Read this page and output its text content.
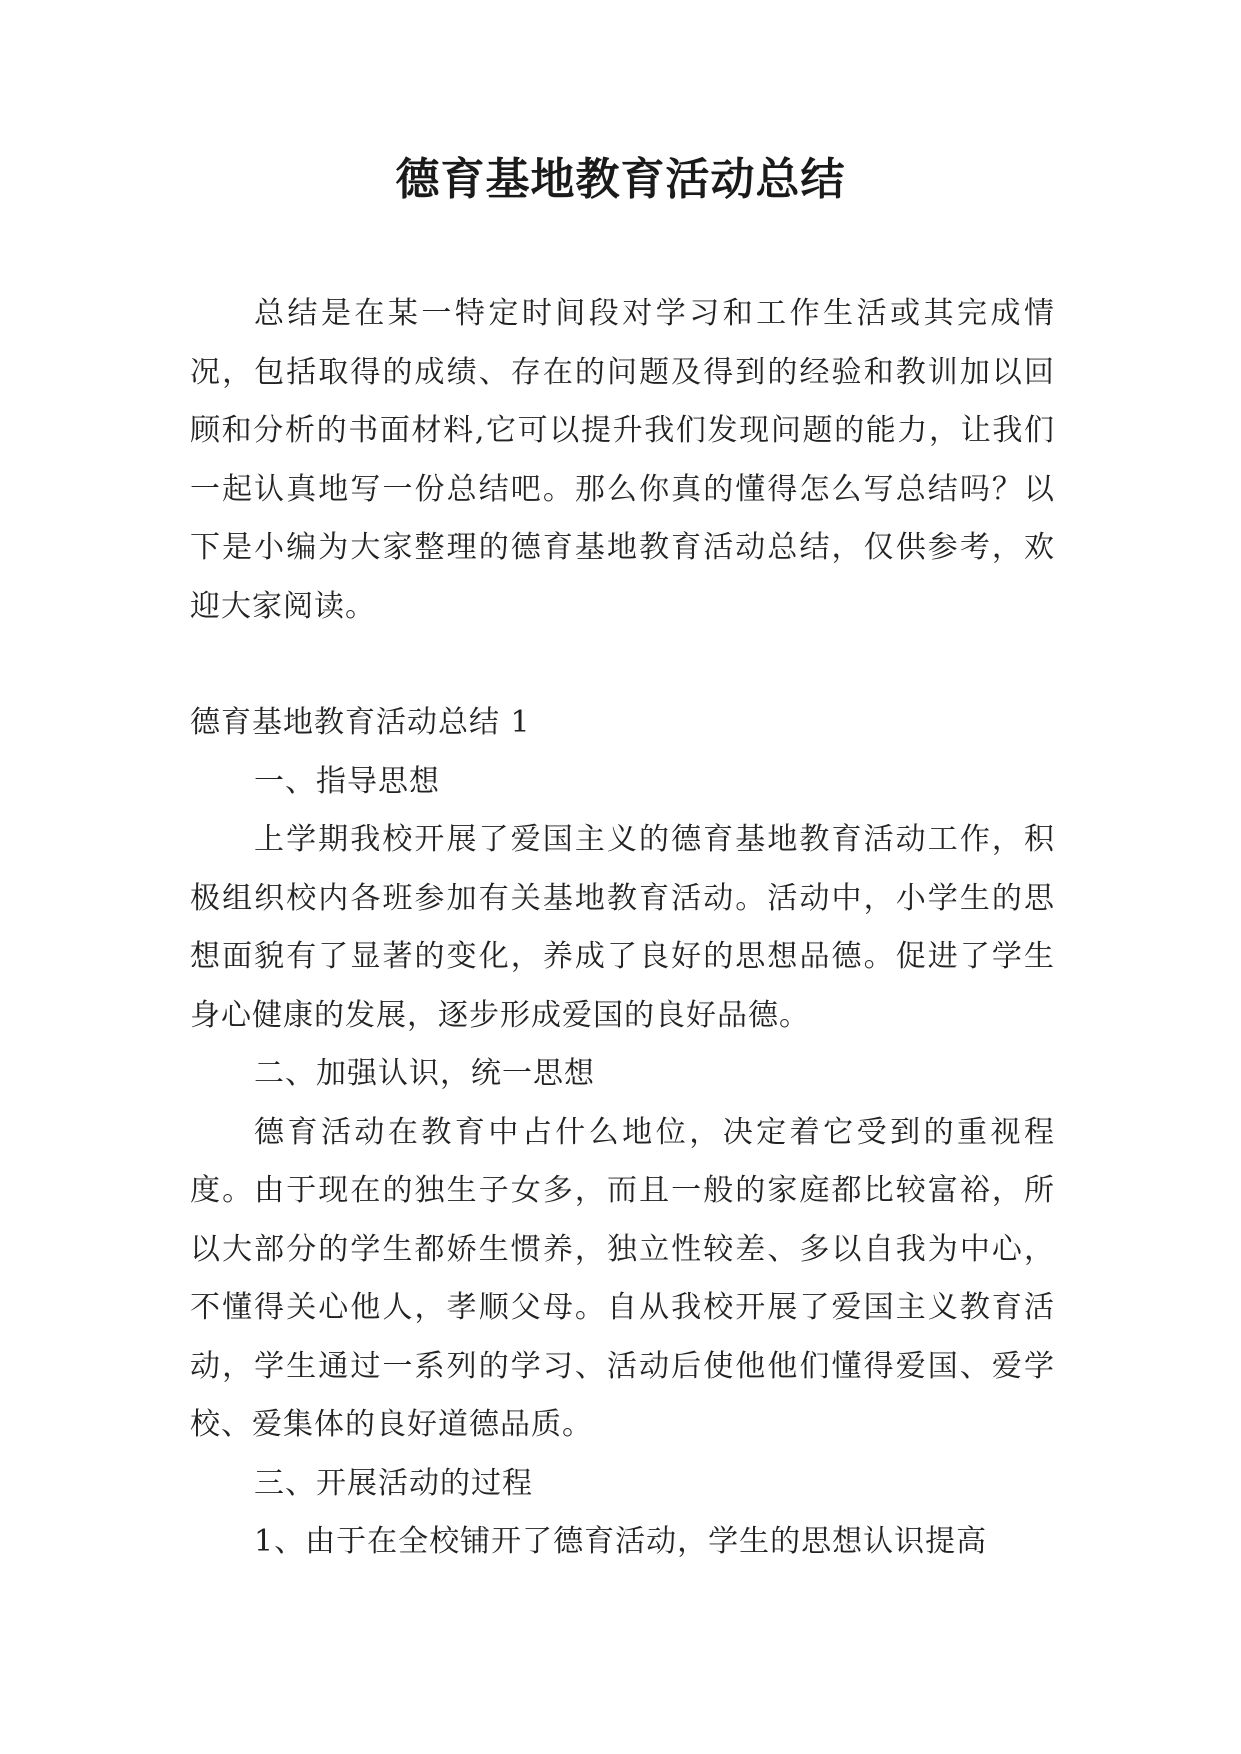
德育基地教育活动总结

总结是在某一特定时间段对学习和工作生活或其完成情况，包括取得的成绩、存在的问题及得到的经验和教训加以回顾和分析的书面材料,它可以提升我们发现问题的能力，让我们一起认真地写一份总结吧。那么你真的懂得怎么写总结吗？以下是小编为大家整理的德育基地教育活动总结，仅供参考，欢迎大家阅读。

德育基地教育活动总结 1

一、指导思想

上学期我校开展了爱国主义的德育基地教育活动工作，积极组织校内各班参加有关基地教育活动。活动中，小学生的思想面貌有了显著的变化，养成了良好的思想品德。促进了学生身心健康的发展，逐步形成爱国的良好品德。

二、加强认识，统一思想

德育活动在教育中占什么地位，决定着它受到的重视程度。由于现在的独生子女多，而且一般的家庭都比较富裕，所以大部分的学生都娇生惯养，独立性较差、多以自我为中心，不懂得关心他人，孝顺父母。自从我校开展了爱国主义教育活动，学生通过一系列的学习、活动后使他他们懂得爱国、爱学校、爱集体的良好道德品质。

三、开展活动的过程

1、由于在全校铺开了德育活动，学生的思想认识提高
